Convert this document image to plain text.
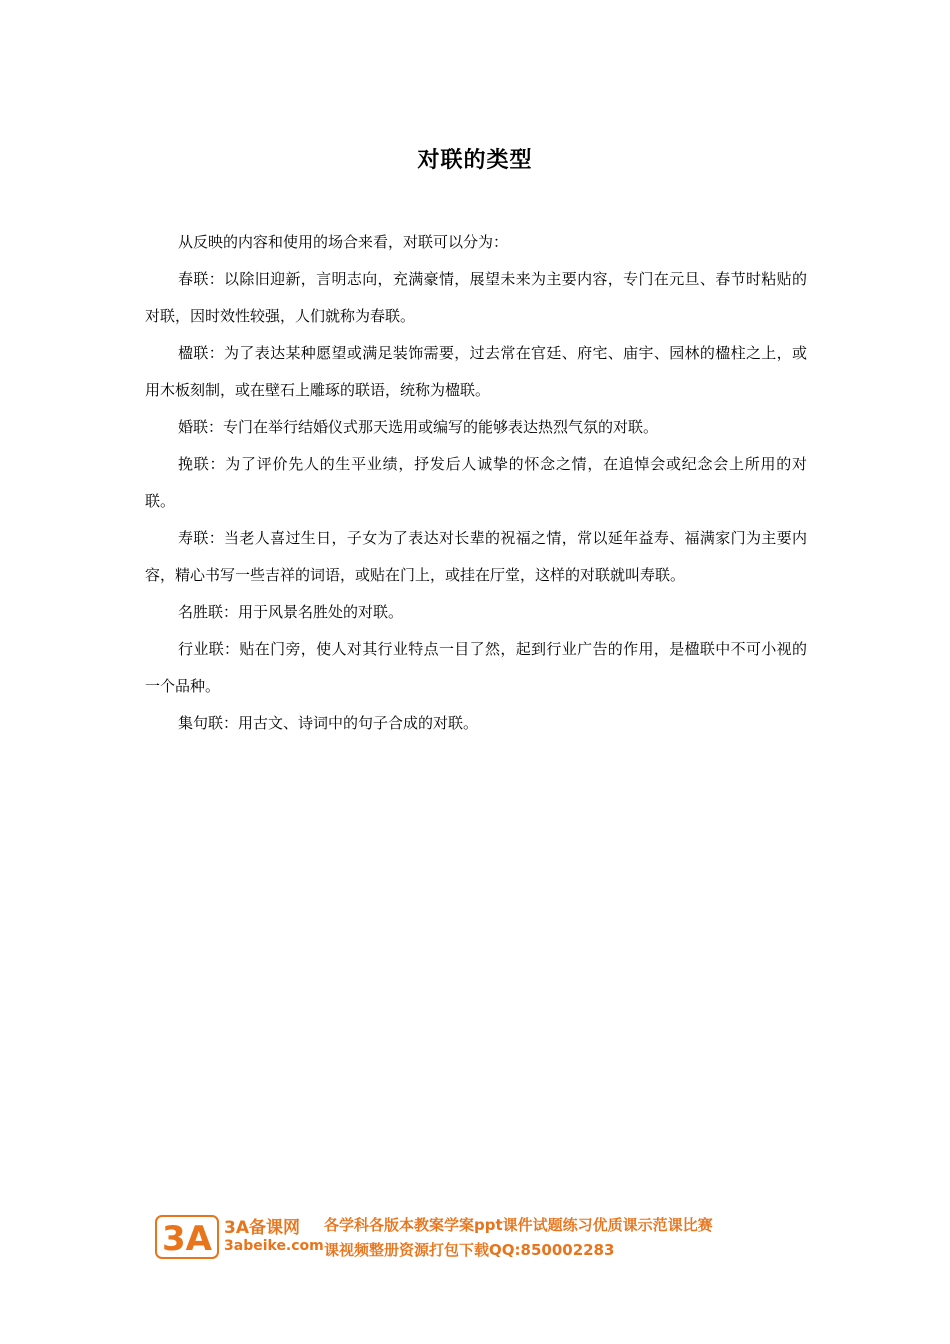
对联的类型

从反映的内容和使用的场合来看，对联可以分为：

春联：以除旧迎新，言明志向，充满豪情，展望未来为主要内容，专门在元旦、春节时粘贴的对联，因时效性较强，人们就称为春联。

楹联：为了表达某种愿望或满足装饰需要，过去常在官廷、府宅、庙宇、园林的楹柱之上，或用木板刻制，或在壁石上雕琢的联语，统称为楹联。

婚联：专门在举行结婚仪式那天选用或编写的能够表达热烈气氛的对联。

挽联：为了评价先人的生平业绩，抒发后人诚挚的怀念之情，在追悼会或纪念会上所用的对联。

寿联：当老人喜过生日，子女为了表达对长辈的祝福之情，常以延年益寿、福满家门为主要内容，精心书写一些吉祥的词语，或贴在门上，或挂在厅堂，这样的对联就叫寿联。

名胜联：用于风景名胜处的对联。

行业联：贴在门旁，使人对其行业特点一目了然，起到行业广告的作用，是楹联中不可小视的一个品种。

集句联：用古文、诗词中的句子合成的对联。

3A 3A备课网
3abeike.com
各学科各版本教案学案ppt课件试题练习优质课示范课比赛
课视频整册资源打包下载QQ:850002283
